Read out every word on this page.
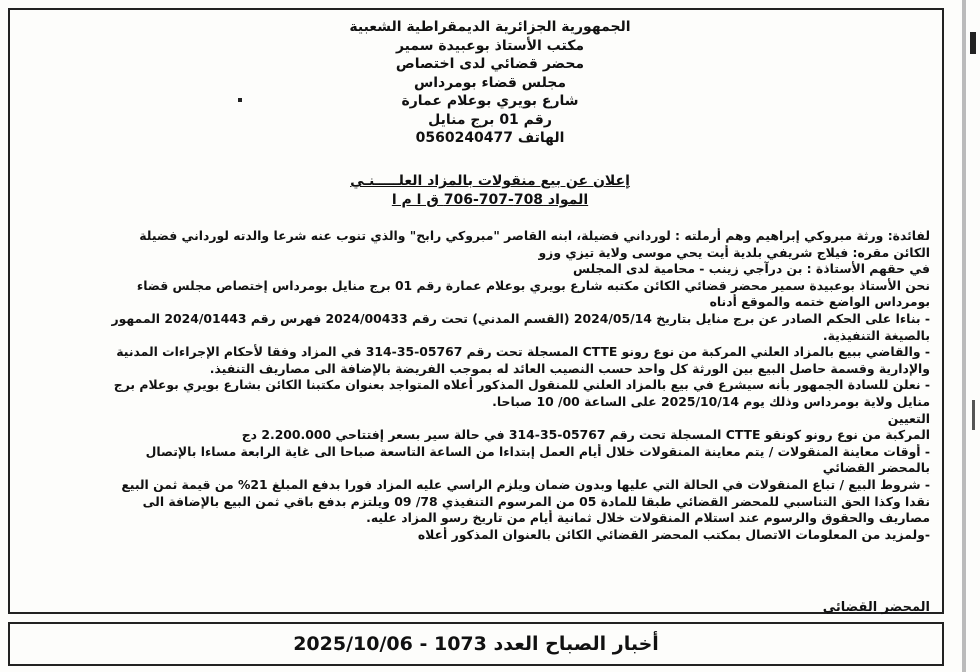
الجمهورية الجزائرية الديمقراطية الشعبية
مكتب الأستاذ بوعبيدة سمير
محضر قضائي لدى اختصاص
مجلس قضاء بومرداس
شارع بويري بوعلام عمارة
رقم 01 برج منايل
الهاتف 0560240477
إعلان عن بيع منقولات بالمزاد العلـــــنـي
المواد 708-707-706 ق ا م ا
لفائدة: ورثة مبروكي إبراهيم وهم أرملته : لورداني فضيلة، ابنه القاصر "مبروكي رابح" والذي تنوب عنه شرعا والدته لورداني فضيلة
الكائن مقره: فيلاج شريفي بلدية أيت يحي موسى ولاية تيزي وزو
في حقهم الأستاذة : بن درآجي زينب - محامية لدى المجلس
نحن الأستاذ بوعبيدة سمير محضر قضائي الكائن مكتبه شارع بويري بوعلام عمارة رقم 01 برج منايل بومرداس إختصاص مجلس قضاء
بومرداس الواضع ختمه والموقع أدناه
- بناءا على الحكم الصادر عن برج منايل بتاريخ 2024/05/14 (القسم المدني) تحت رقم 2024/00433 فهرس رقم 2024/01443 الممهور
بالصيغة التنفيذية.
- والقاضي ببيع بالمزاد العلني المركبة من نوع رونو CTTE المسجلة تحت رقم 05767-35-314 في المزاد وفقا لأحكام الإجراءات المدنية
والإدارية وقسمة حاصل البيع بين الورثة كل واحد حسب النصيب العائد له بموجب الفريضة بالإضافة الى مصاريف التنفيذ.
- نعلن للسادة الجمهور بأنه سيشرع في بيع بالمزاد العلني للمنقول المذكور أعلاه المتواجد بعنوان مكتبنا الكائن بشارع بويري بوعلام برج
منايل ولاية بومرداس وذلك يوم 2025/10/14 على الساعة 00/ 10 صباحا.
التعيين
المركبة من نوع رونو كونقو CTTE المسجلة تحت رقم 05767-35-314 في حالة سير بسعر إفتتاحي 2.200.000 دج
- أوقات معاينة المنقولات / يتم معاينة المنقولات خلال أيام العمل إبتداءا من الساعة التاسعة صباحا الى غاية الرابعة مساءا بالإتصال
بالمحضر القضائي
- شروط البيع / تباع المنقولات في الحالة التي عليها وبدون ضمان ويلزم الراسي عليه المزاد فورا بدفع المبلغ 21% من قيمة ثمن البيع
نقدا وكذا الحق التناسبي للمحضر القضائي طبقا للمادة 05 من المرسوم التنفيذي 78/ 09 ويلتزم بدفع باقي ثمن البيع بالإضافة الى
مصاريف والحقوق والرسوم عند استلام المنقولات خلال ثمانية أيام من تاريخ رسو المزاد عليه.
-ولمزيد من المعلومات الاتصال بمكتب المحضر القضائي الكائن بالعنوان المذكور أعلاه
المحضر القضائي
أخبار الصباح العدد 1073 - 2025/10/06
